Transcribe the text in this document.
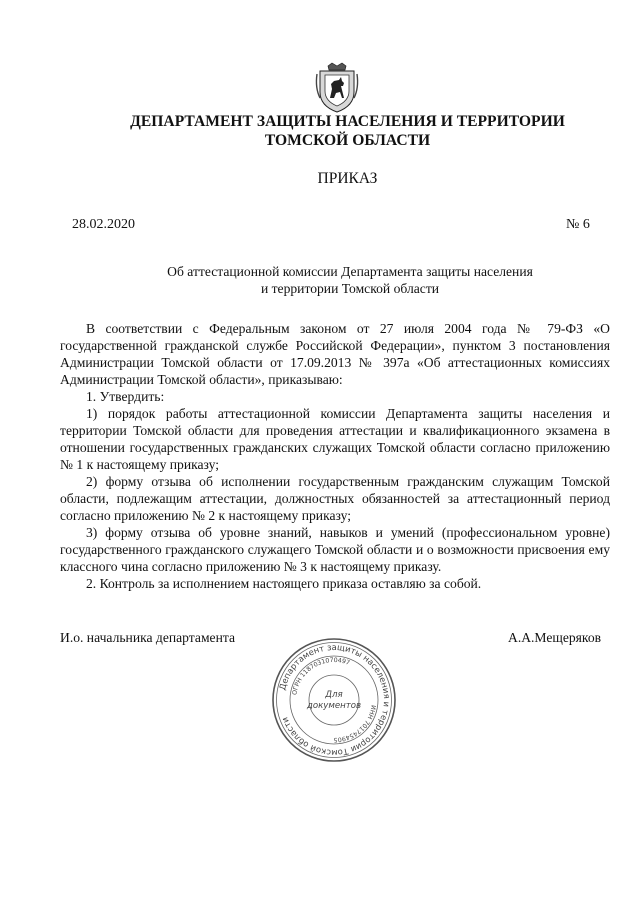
ДЕПАРТАМЕНТ ЗАЩИТЫ НАСЕЛЕНИЯ И ТЕРРИТОРИИ
ТОМСКОЙ ОБЛАСТИ
ПРИКАЗ
28.02.2020	№ 6
Об аттестационной комиссии Департамента защиты населения
и территории Томской области

В соответствии с Федеральным законом от 27 июля 2004 года № 79-ФЗ «О государственной гражданской службе Российской Федерации», пунктом 3 постановления Администрации Томской области от 17.09.2013 № 397а «Об аттестационных комиссиях Администрации Томской области», приказываю:

1. Утвердить:

1) порядок работы аттестационной комиссии Департамента защиты населения и территории Томской области для проведения аттестации и квалификационного экзамена в отношении государственных гражданских служащих Томской области согласно приложению № 1 к настоящему приказу;

2) форму отзыва об исполнении государственным гражданским служащим Томской области, подлежащим аттестации, должностных обязанностей за аттестационный период согласно приложению № 2 к настоящему приказу;

3) форму отзыва об уровне знаний, навыков и умений (профессиональном уровне) государственного гражданского служащего Томской области и о возможности присвоения ему классного чина согласно приложению № 3 к настоящему приказу.

2. Контроль за исполнением настоящего приказа оставляю за собой.

И.о. начальника департамента	А.А.Мещеряков
Департамент защиты населения и территории Томской области
ОГРН 1187031070497
ИНН 7017454905
Для
документов
